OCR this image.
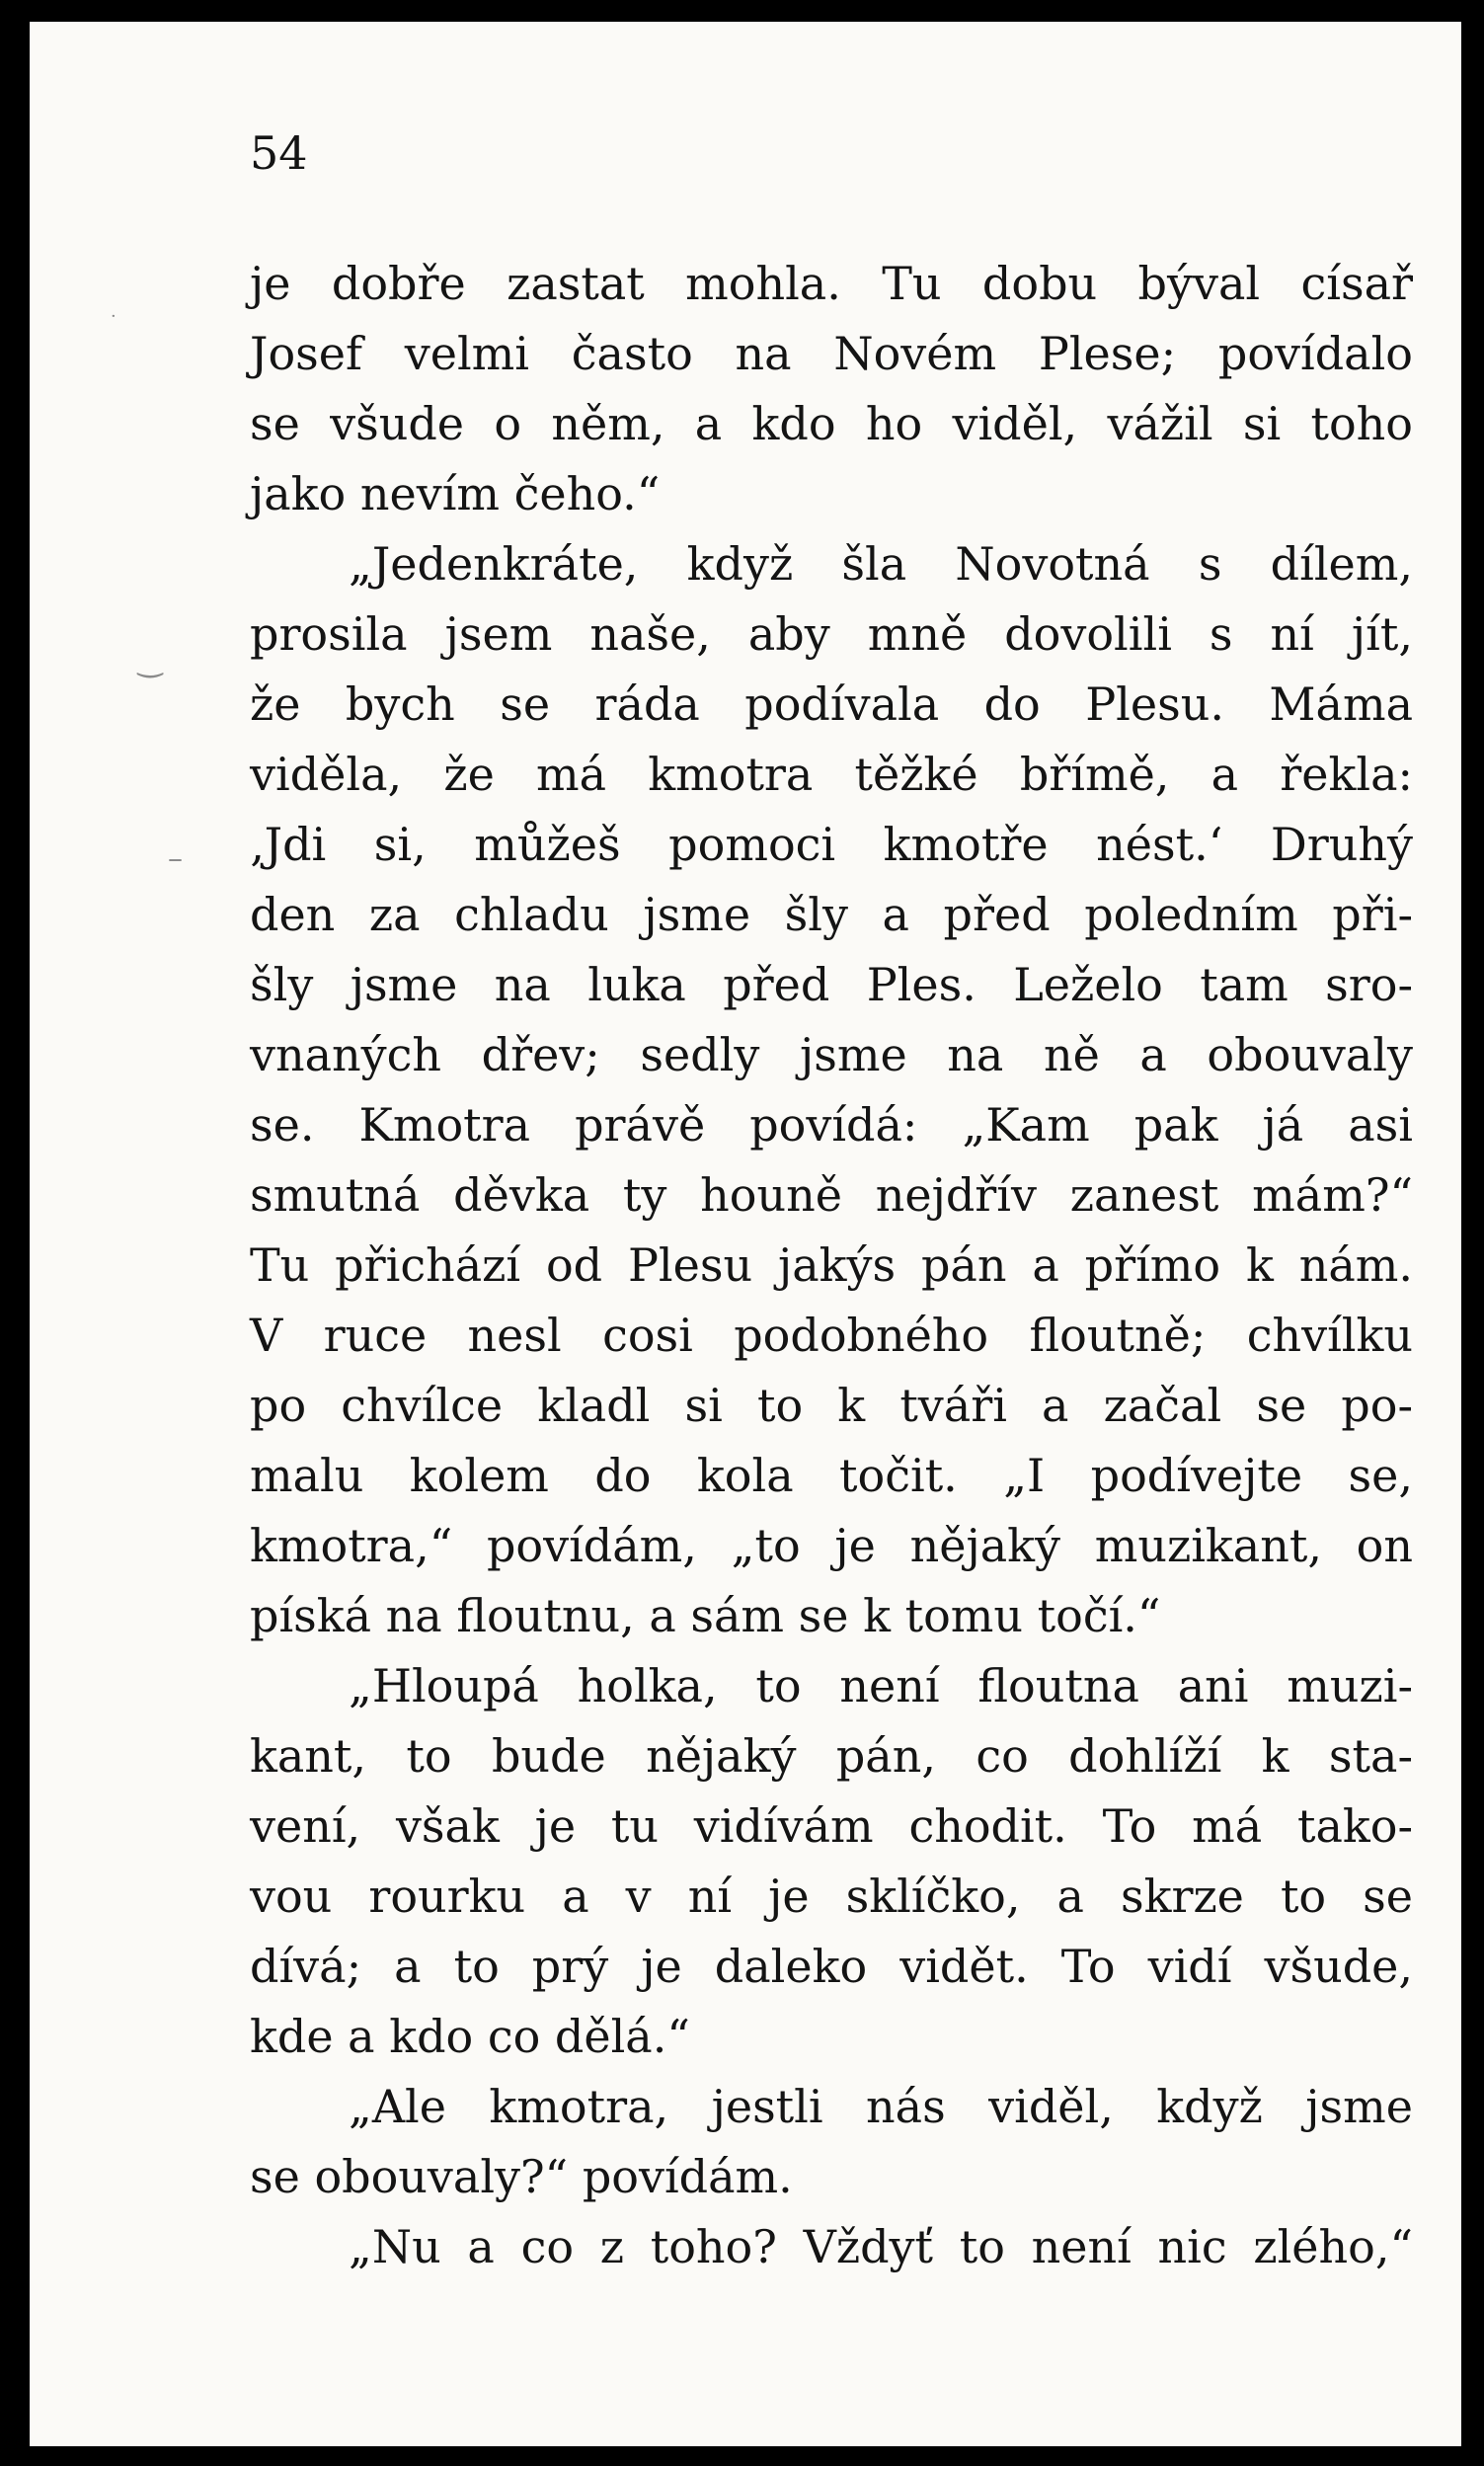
54
je dobře zastat mohla. Tu dobu býval císař
Josef velmi často na Novém Plese; povídalo
se všude o něm, a kdo ho viděl, vážil si toho
jako nevím čeho.“
„Jedenkráte, když šla Novotná s dílem,
prosila jsem naše, aby mně dovolili s ní jít,
že bych se ráda podívala do Plesu. Máma
viděla, že má kmotra těžké břímě, a řekla:
‚Jdi si, můžeš pomoci kmotře nést.‘ Druhý
den za chladu jsme šly a před poledním při-
šly jsme na luka před Ples. Leželo tam sro-
vnaných dřev; sedly jsme na ně a obouvaly
se. Kmotra právě povídá: „Kam pak já asi
smutná děvka ty houně nejdřív zanest mám?“
Tu přichází od Plesu jakýs pán a přímo k nám.
V ruce nesl cosi podobného floutně; chvílku
po chvílce kladl si to k tváři a začal se po-
malu kolem do kola točit. „I podívejte se,
kmotra,“ povídám, „to je nějaký muzikant, on
píská na floutnu, a sám se k tomu točí.“
„Hloupá holka, to není floutna ani muzi-
kant, to bude nějaký pán, co dohlíží k sta-
vení, však je tu vidívám chodit. To má tako-
vou rourku a v ní je sklíčko, a skrze to se
dívá; a to prý je daleko vidět. To vidí všude,
kde a kdo co dělá.“
„Ale kmotra, jestli nás viděl, když jsme
se obouvaly?“ povídám.
„Nu a co z toho? Vždyť to není nic zlého,“
·
‿
–
